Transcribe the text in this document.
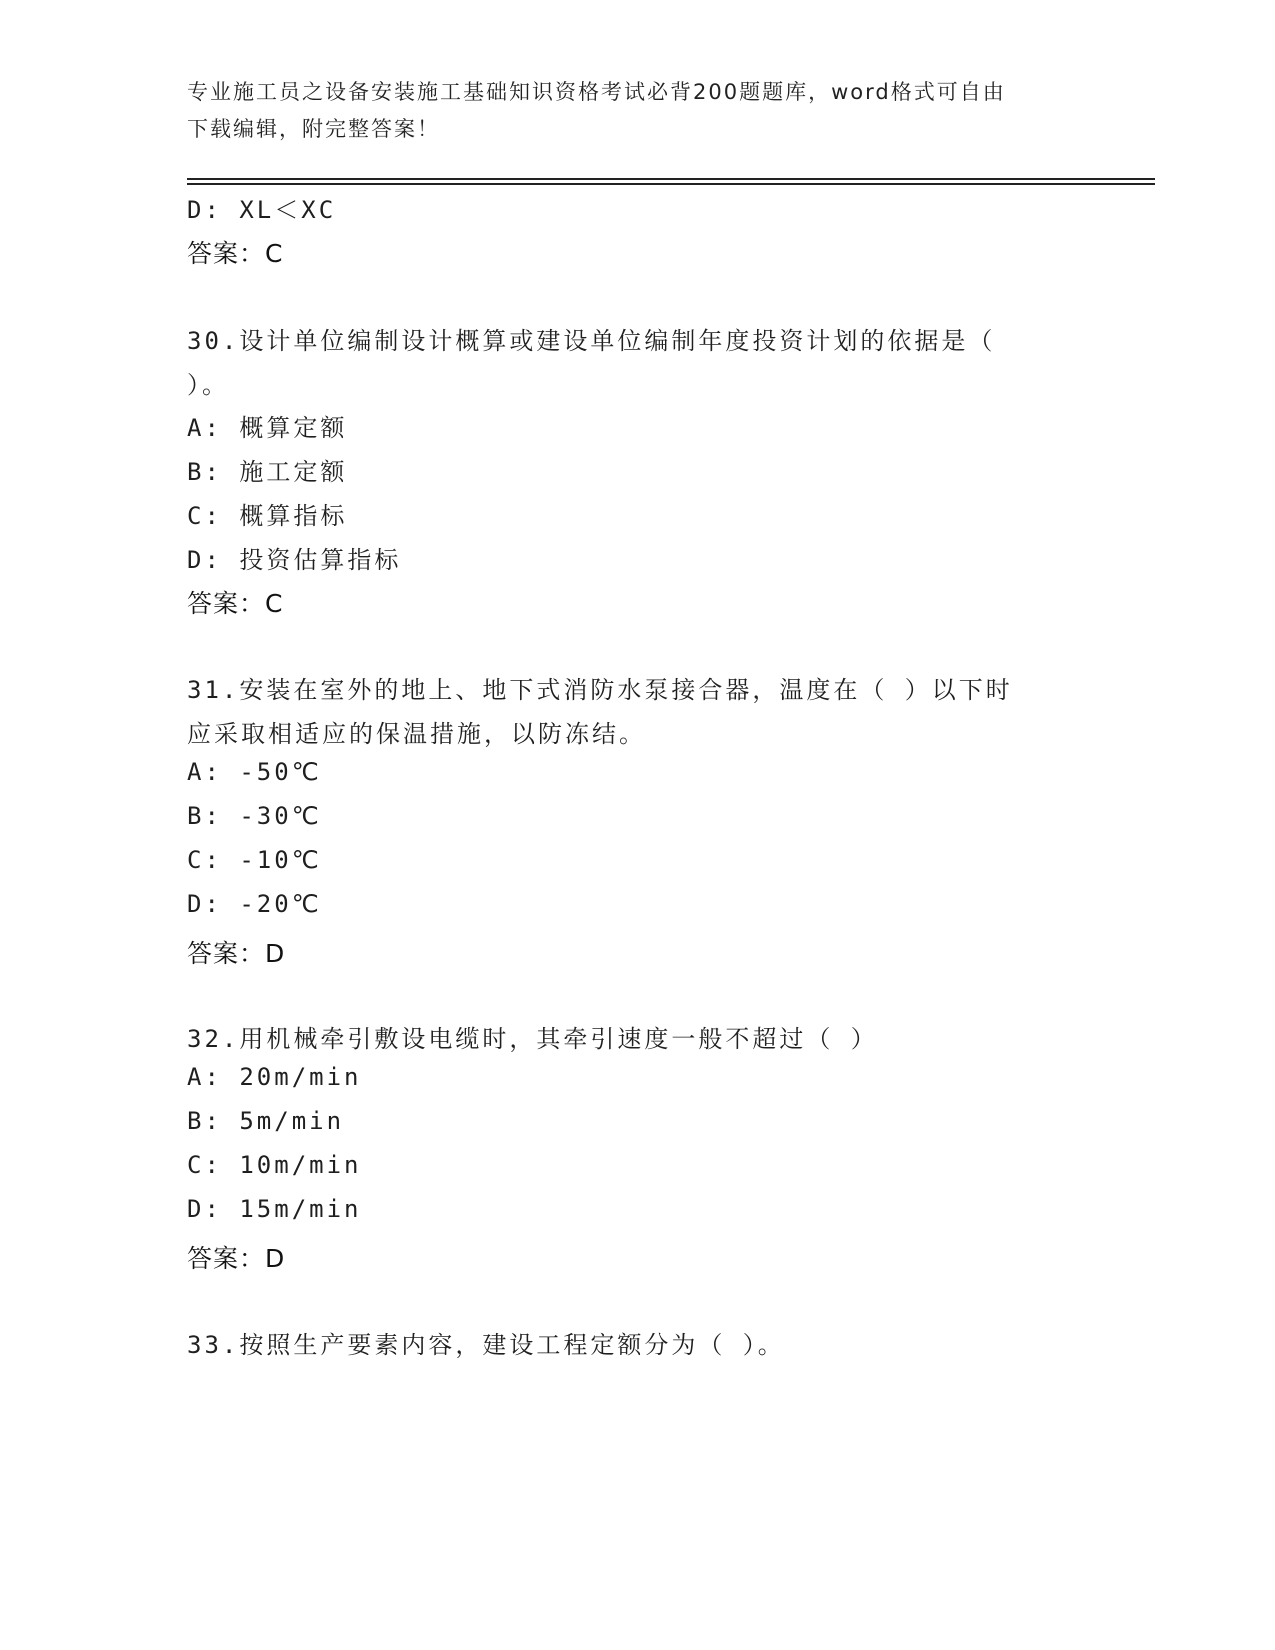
专业施工员之设备安装施工基础知识资格考试必背200题题库，word格式可自由
下载编辑，附完整答案！
D: XL＜XC
答案：C
30.设计单位编制设计概算或建设单位编制年度投资计划的依据是（
）。
A: 概算定额
B: 施工定额
C: 概算指标
D: 投资估算指标
答案：C
31.安装在室外的地上、地下式消防水泵接合器，温度在（ ）以下时
应采取相适应的保温措施，以防冻结。
A: -50℃
B: -30℃
C: -10℃
D: -20℃
答案：D
32.用机械牵引敷设电缆时，其牵引速度一般不超过（ ）
A: 20m/min
B: 5m/min
C: 10m/min
D: 15m/min
答案：D
33.按照生产要素内容，建设工程定额分为（ ）。
